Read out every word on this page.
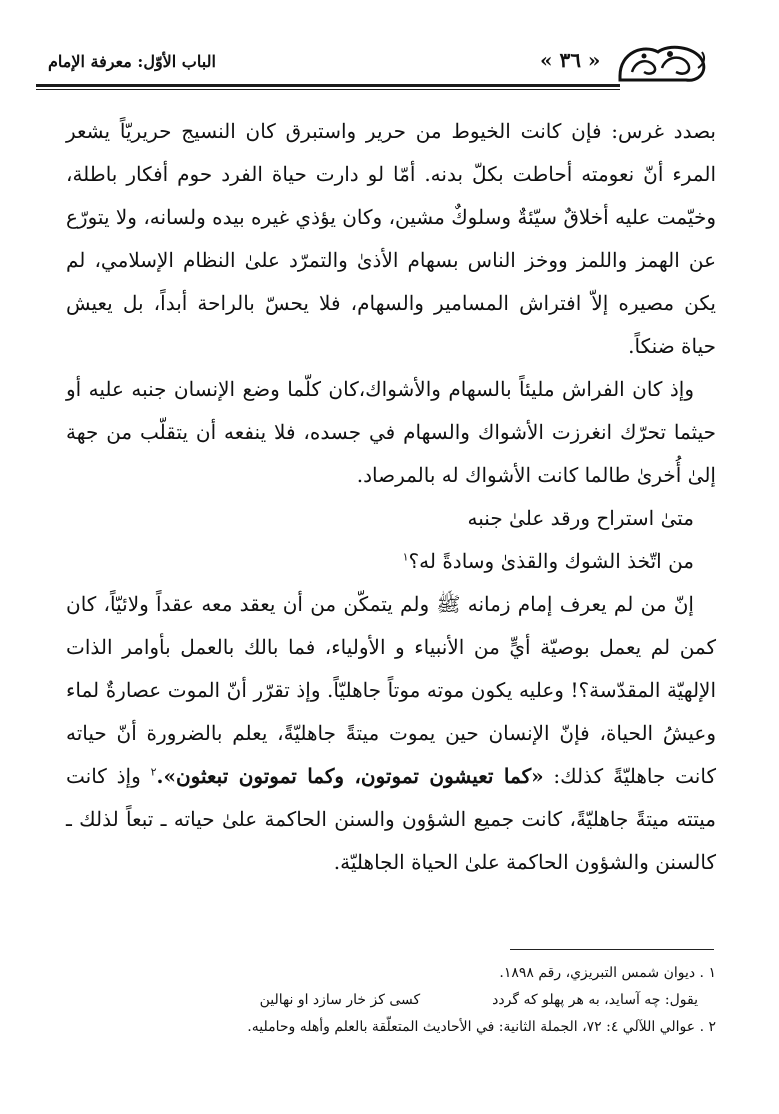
« ٣٦ »
الباب الأوّل: معرفة الإمام

بصدد غرس: فإن كانت الخيوط من حرير واستبرق كان النسيج حريريّاً يشعر المرء أنّ نعومته أحاطت بكلّ بدنه. أمّا لو دارت حياة الفرد حوم أفكار باطلة، وخيّمت عليه أخلاقٌ سيّئةٌ وسلوكٌ مشين، وكان يؤذي غيره بيده ولسانه، ولا يتورّع عن الهمز واللمز ووخز الناس بسهام الأذىٰ والتمرّد علىٰ النظام الإسلامي، لم يكن مصيره إلاّ افتراش المسامير والسهام، فلا يحسّ بالراحة أبداً، بل يعيش حياة ضنكاً.

وإذ كان الفراش مليئاً بالسهام والأشواك،كان كلّما وضع الإنسان جنبه عليه أو حيثما تحرّك انغرزت الأشواك والسهام في جسده، فلا ينفعه أن يتقلّب من جهة إلىٰ أُخرىٰ طالما كانت الأشواك له بالمرصاد.

متىٰ استراح ورقد علىٰ جنبه

من اتّخذ الشوك والقذىٰ وسادةً له؟$^١$

إنّ من لم يعرف إمام زمانه ﷺ ولم يتمكّن من أن يعقد معه عقداً ولائيّاً، كان كمن لم يعمل بوصيّة أيٍّ من الأنبياء و الأولياء، فما بالك بالعمل بأوامر الذات الإلهيّة المقدّسة؟! وعليه يكون موته موتاً جاهليّاً. وإذ تقرّر أنّ الموت عصارةٌ لماء وعيشُ الحياة، فإنّ الإنسان حين يموت ميتةً جاهليّةً، يعلم بالضرورة أنّ حياته كانت جاهليّةً كذلك: «كما تعيشون تموتون، وكما تموتون تبعثون».$^٢$ وإذ كانت ميتته ميتةً جاهليّةً، كانت جميع الشؤون والسنن الحاكمة علىٰ حياته ـ تبعاً لذلك ـ كالسنن والشؤون الحاكمة علىٰ الحياة الجاهليّة.

١ . ديوان شمس التبريزي، رقم ١٨٩٨.

يقول: چه آسايد، به هر پهلو كه گردد
كسى كز خار سازد او نهالين

٢ . عوالي اللآلي ٤: ٧٢، الجملة الثانية: في الأحاديث المتعلّقة بالعلم وأهله وحامليه.
